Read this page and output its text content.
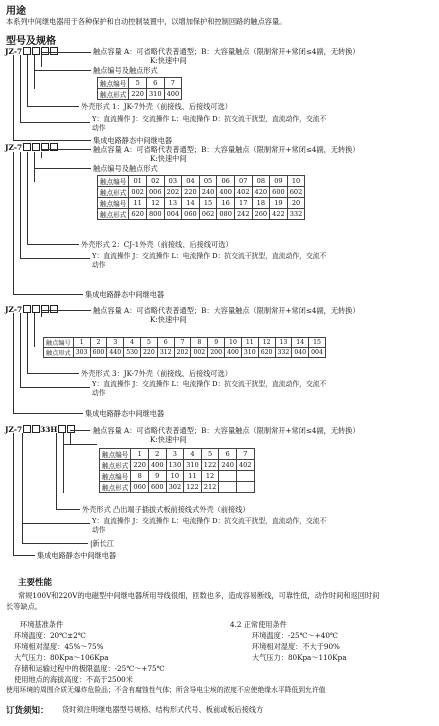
用途
本系列中间继电器用于各种保护和自动控制装置中，以增加保护和控制回路的触点容量。
型号及规格
JZ-7	触点容量 A：可省略代表普通型；B：大容量触点（限制常开+常闭≤4副，无转换）
K:快速中间
触点编号及触点形式
触点编号	5	6	7
触点形式	220	310	400
外壳形式 1：JK-7外壳（前接线、后接线可选）
Y：直流操作 J：交流操作 L：电流操作 D：抗交流干扰型，直流动作，交流不
动作
集成电路静态中间继电器
JZ-7	触点容量 A：可省略代表普通型；B：大容量触点（限制常开+常闭≤4副，无转换）
K:快速中间
触点编号及触点形式
触点编号	01	02	03	04	05	06	07	08	09	10
触点形式	002	006	202	220	240	400	402	420	600	602
触点编号	11	12	13	14	15	16	17	18	19	20
触点形式	620	800	004	060	062	080	242	260	422	332
外壳形式 2：CJ-1外壳（前接线、后接线可选）
Y：直流操作 J：交流操作 L：电流操作 D：抗交流干扰型，直流动作，交流不
动作
集成电路静态中间继电器
JZ-7	触点容量 A：可省略代表普通型；B：大容量触点（限制常开+常闭≤4副，无转换）
K:快速中间
触点编号	1	2	3	4	5	6	7	8	9	10	11	12	13	14	15
触点形式	303	600	440	530	220	312	202	002	200	400	310	620	332	040	004
外壳形式 3：JK-7外壳（前接线、后接线可选）
Y：直流操作 J：交流操作 L：电流操作 D：抗交流干扰型，直流动作，交流不
动作
集成电路静态中间继电器
JZ-7 33H	触点容量 A：可省略代表普通型；B：大容量触点（限制常开+常闭≤4副，无转换）
K:快速中间
触点编号	1	2	3	4	5	6	7
触点形式	220	400	130	310	122	240	402
触点编号	8	9	10	11	12		
触点形式	060	600	302	122	212		
外壳形式 凸出端子插拔式板前接线式外壳（前接线）
Y：直流操作 J：交流操作 L：电流操作 D：抗交流干扰型，直流动作，交流不
动作
|新长江
集成电路静态中间继电器
主要性能
常规100V和220V的电磁型中间继电器所用导线很细，匝数也多，造成容易断线，可靠性低，动作时间和返回时间
长等缺点。
环境基准条件
环境温度：20℃±2℃
环境相对湿度：45%～75%
大气压力：80Kpa～106Kpa
存储和运输过程中的极限温度：-25℃～+75℃
使用地点的海拔高度：不高于2500米
4.2 正常使用条件
环境温度：-25℃～+40℃
环境相对湿度：不大于90%
大气压力：80Kpa～110Kpa
使用环境的周围介质无爆炸危险品；不含有腐蚀性气体；所含导电尘埃的浓度不应使绝缘水平降低到允许值
订货须知： 货时须注明继电器型号规格、结构形式代号、板前或板后接线方
